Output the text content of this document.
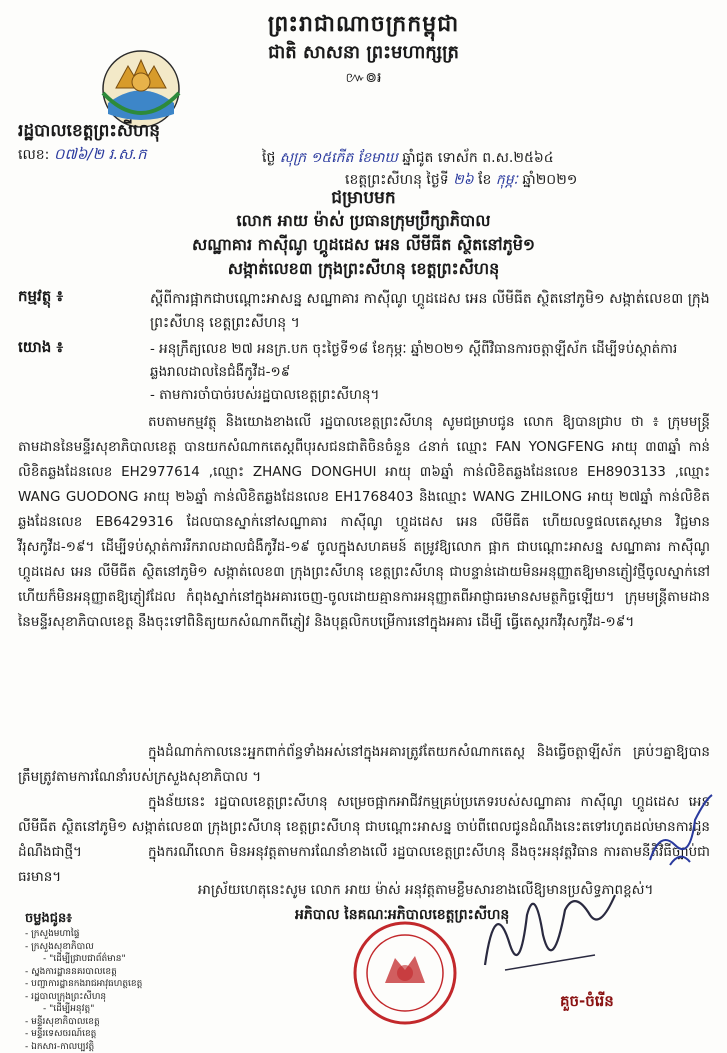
ព្រះរាជាណាចក្រកម្ពុជា
ជាតិ សាសនា ព្រះមហាក្សត្រ
៚៙៛
រដ្ឋបាលខេត្តព្រះសីហនុ
លេខ: ០៧៦/២ រ.ស.ក	ថ្ងៃ សុក្រ ១៥កើត ខែមាឃ ឆ្នាំជូត ទោស័ក ព.ស.២៥៦៤
ខេត្តព្រះសីហនុ ថ្ងៃទី ២៦ ខែ កុម្ភៈ ឆ្នាំ២០២១
ជម្រាបមក
លោក អាយ ម៉ាស់ ប្រធានក្រុមប្រឹក្សាភិបាល
សណ្ឋាគារ កាស៊ីណូ ហ្គូដដេស អេន លីមីធីត ស្ថិតនៅភូមិ១
សង្កាត់លេខ៣ ក្រុងព្រះសីហនុ ខេត្តព្រះសីហនុ
កម្មវត្ថុ ៖	ស្តីពីការផ្អាកជាបណ្តោះអាសន្ន សណ្ឋាគារ កាស៊ីណូ ហ្គូដដេស អេន លីមីធីត ស្ថិតនៅភូមិ១ សង្កាត់លេខ៣ ក្រុងព្រះសីហនុ ខេត្តព្រះសីហនុ ។
យោង ៖	- អនុក្រឹត្យលេខ ២៧ អនក្រ.បក ចុះថ្ងៃទី១៨ ខែកុម្ភៈ ឆ្នាំ២០២១ ស្តីពីវិធានការចត្តាឡីស័ក ដើម្បីទប់ស្កាត់ការឆ្លងរាលដាលនៃជំងឺកូវីដ-១៩
- តាមការចាំបាច់របស់រដ្ឋបាលខេត្តព្រះសីហនុ។
តបតាមកម្មវត្ថុ និងយោងខាងលើ រដ្ឋបាលខេត្តព្រះសីហនុ សូមជម្រាបជូន លោក ឱ្យបានជ្រាប ថា ៖ ក្រុមមន្ត្រីតាមដាននៃមន្ទីរសុខាភិបាលខេត្ត បានយកសំណាកតេស្តពីបុរសជនជាតិចិនចំនួន ៤នាក់ ឈ្មោះ FAN YONGFENG អាយុ ៣៣ឆ្នាំ កាន់លិខិតឆ្លងដែនលេខ EH2977614 ,ឈ្មោះ ZHANG DONGHUI អាយុ ៣៦ឆ្នាំ កាន់លិខិតឆ្លងដែនលេខ EH8903133 ,ឈ្មោះ WANG GUODONG អាយុ ២៦ឆ្នាំ កាន់លិខិតឆ្លងដែនលេខ EH1768403 និងឈ្មោះ WANG ZHILONG អាយុ ២៧ឆ្នាំ កាន់លិខិតឆ្លងដែនលេខ EB6429316 ដែលបានស្នាក់នៅសណ្ឋាគារ កាស៊ីណូ ហ្គូដដេស អេន លីមីធីត ហើយលទ្ធផលតេស្តមាន វិជ្ជមានវីរុសកូវីដ-១៩។ ដើម្បីទប់ស្កាត់ការរីករាលដាលជំងឺកូវីដ-១៩ ចូលក្នុងសហគមន៍ តម្រូវឱ្យលោក ផ្អាក ជាបណ្តោះអាសន្ន សណ្ឋាគារ កាស៊ីណូ ហ្គូដដេស អេន លីមីធីត ស្ថិតនៅភូមិ១ សង្កាត់លេខ៣ ក្រុងព្រះសីហនុ ខេត្តព្រះសីហនុ ជាបន្ទាន់ដោយមិនអនុញ្ញាតឱ្យមានភ្ញៀវថ្មីចូលស្នាក់នៅ ហើយក៏មិនអនុញ្ញាតឱ្យភ្ញៀវដែល កំពុងស្នាក់នៅក្នុងអគារចេញ-ចូលដោយគ្មានការអនុញ្ញាតពីអាជ្ញាធរមានសមត្ថកិច្ចឡើយ។ ក្រុមមន្ត្រីតាមដាន នៃមន្ទីរសុខាភិបាលខេត្ត នឹងចុះទៅពិនិត្យយកសំណាកពីភ្ញៀវ និងបុគ្គលិកបម្រើការនៅក្នុងអគារ ដើម្បី ធ្វើតេស្តរកវីរុសកូវីដ-១៩។
ក្នុងដំណាក់កាលនេះអ្នកពាក់ព័ន្ធទាំងអស់នៅក្នុងអគារត្រូវតែយកសំណាកតេស្ត និងធ្វើចត្តាឡីស័ក គ្រប់ៗគ្នាឱ្យបានត្រឹមត្រូវតាមការណែនាំរបស់ក្រសួងសុខាភិបាល ។
ក្នុងន័យនេះ រដ្ឋបាលខេត្តព្រះសីហនុ សម្រេចផ្អាកអាជីវកម្មគ្រប់ប្រភេទរបស់សណ្ឋាគារ កាស៊ីណូ ហ្គូដដេស អេន លីមីធីត ស្ថិតនៅភូមិ១ សង្កាត់លេខ៣ ក្រុងព្រះសីហនុ ខេត្តព្រះសីហនុ ជាបណ្តោះអាសន្ន ចាប់ពីពេលជូនដំណឹងនេះតទៅរហូតដល់មានការជូនដំណឹងជាថ្មី។	ក្នុងករណីលោក មិនអនុវត្តតាមការណែនាំខាងលើ រដ្ឋបាលខេត្តព្រះសីហនុ នឹងចុះអនុវត្តវិធាន ការតាមនីតិវិធីច្បាប់ជាធរមាន។
អាស្រ័យហេតុនេះសូម លោក អាយ ម៉ាស់ អនុវត្តតាមខ្លឹមសារខាងលើឱ្យមានប្រសិទ្ធភាពខ្ពស់។
អភិបាល នៃគណៈអភិបាលខេត្តព្រះសីហនុ
គួច-ចំរើន
ចម្លងជូន៖
- ក្រសួងមហាផ្ទៃ
- ក្រសួងសុខាភិបាល
- "ដើម្បីជ្រាបជាព័ត៌មាន"
- ស្នងការដ្ឋាននគរបាលខេត្ត
- បញ្ជាការដ្ឋានកងរាជអាវុធហត្ថខេត្ត
- រដ្ឋបាលក្រុងព្រះសីហនុ
- "ដើម្បីអនុវត្ត"
- មន្ទីរសុខាភិបាលខេត្ត
- មន្ទីរទេសចរណ៍ខេត្ត
- ឯកសារ-កាលប្បវត្តិ
